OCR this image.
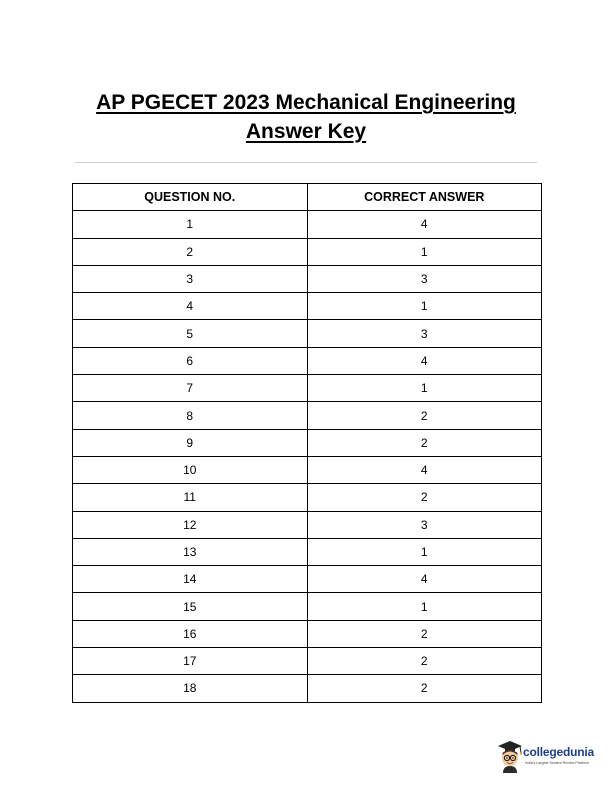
AP PGECET 2023 Mechanical Engineering
Answer Key
QUESTION NO.	CORRECT ANSWER
1	4
2	1
3	3
4	1
5	3
6	4
7	1
8	2
9	2
10	4
11	2
12	3
13	1
14	4
15	1
16	2
17	2
18	2
collegedunia
India's Largest Student Review Platform
